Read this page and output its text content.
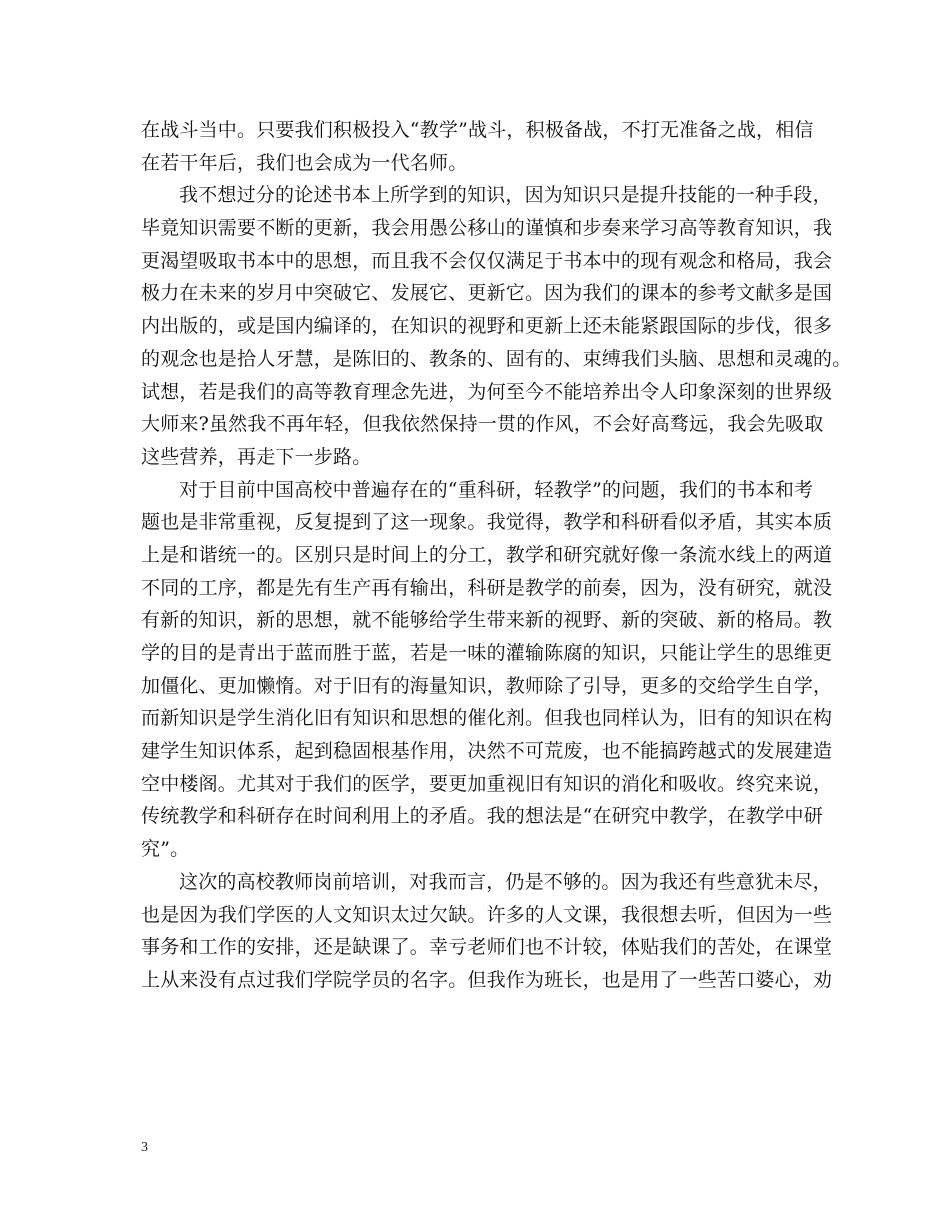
在战斗当中。只要我们积极投入“教学”战斗，积极备战，不打无准备之战，相信
在若干年后，我们也会成为一代名师。
我不想过分的论述书本上所学到的知识，因为知识只是提升技能的一种手段，
毕竟知识需要不断的更新，我会用愚公移山的谨慎和步奏来学习高等教育知识，我
更渴望吸取书本中的思想，而且我不会仅仅满足于书本中的现有观念和格局，我会
极力在未来的岁月中突破它、发展它、更新它。因为我们的课本的参考文献多是国
内出版的，或是国内编译的，在知识的视野和更新上还未能紧跟国际的步伐，很多
的观念也是拾人牙慧，是陈旧的、教条的、固有的、束缚我们头脑、思想和灵魂的。
试想，若是我们的高等教育理念先进，为何至今不能培养出令人印象深刻的世界级
大师来?虽然我不再年轻，但我依然保持一贯的作风，不会好高骛远，我会先吸取
这些营养，再走下一步路。
对于目前中国高校中普遍存在的“重科研，轻教学”的问题，我们的书本和考
题也是非常重视，反复提到了这一现象。我觉得，教学和科研看似矛盾，其实本质
上是和谐统一的。区别只是时间上的分工，教学和研究就好像一条流水线上的两道
不同的工序，都是先有生产再有输出，科研是教学的前奏，因为，没有研究，就没
有新的知识，新的思想，就不能够给学生带来新的视野、新的突破、新的格局。教
学的目的是青出于蓝而胜于蓝，若是一味的灌输陈腐的知识，只能让学生的思维更
加僵化、更加懒惰。对于旧有的海量知识，教师除了引导，更多的交给学生自学，
而新知识是学生消化旧有知识和思想的催化剂。但我也同样认为，旧有的知识在构
建学生知识体系，起到稳固根基作用，决然不可荒废，也不能搞跨越式的发展建造
空中楼阁。尤其对于我们的医学，要更加重视旧有知识的消化和吸收。终究来说，
传统教学和科研存在时间利用上的矛盾。我的想法是“在研究中教学，在教学中研
究”。
这次的高校教师岗前培训，对我而言，仍是不够的。因为我还有些意犹未尽，
也是因为我们学医的人文知识太过欠缺。许多的人文课，我很想去听，但因为一些
事务和工作的安排，还是缺课了。幸亏老师们也不计较，体贴我们的苦处，在课堂
上从来没有点过我们学院学员的名字。但我作为班长，也是用了一些苦口婆心，劝
3
